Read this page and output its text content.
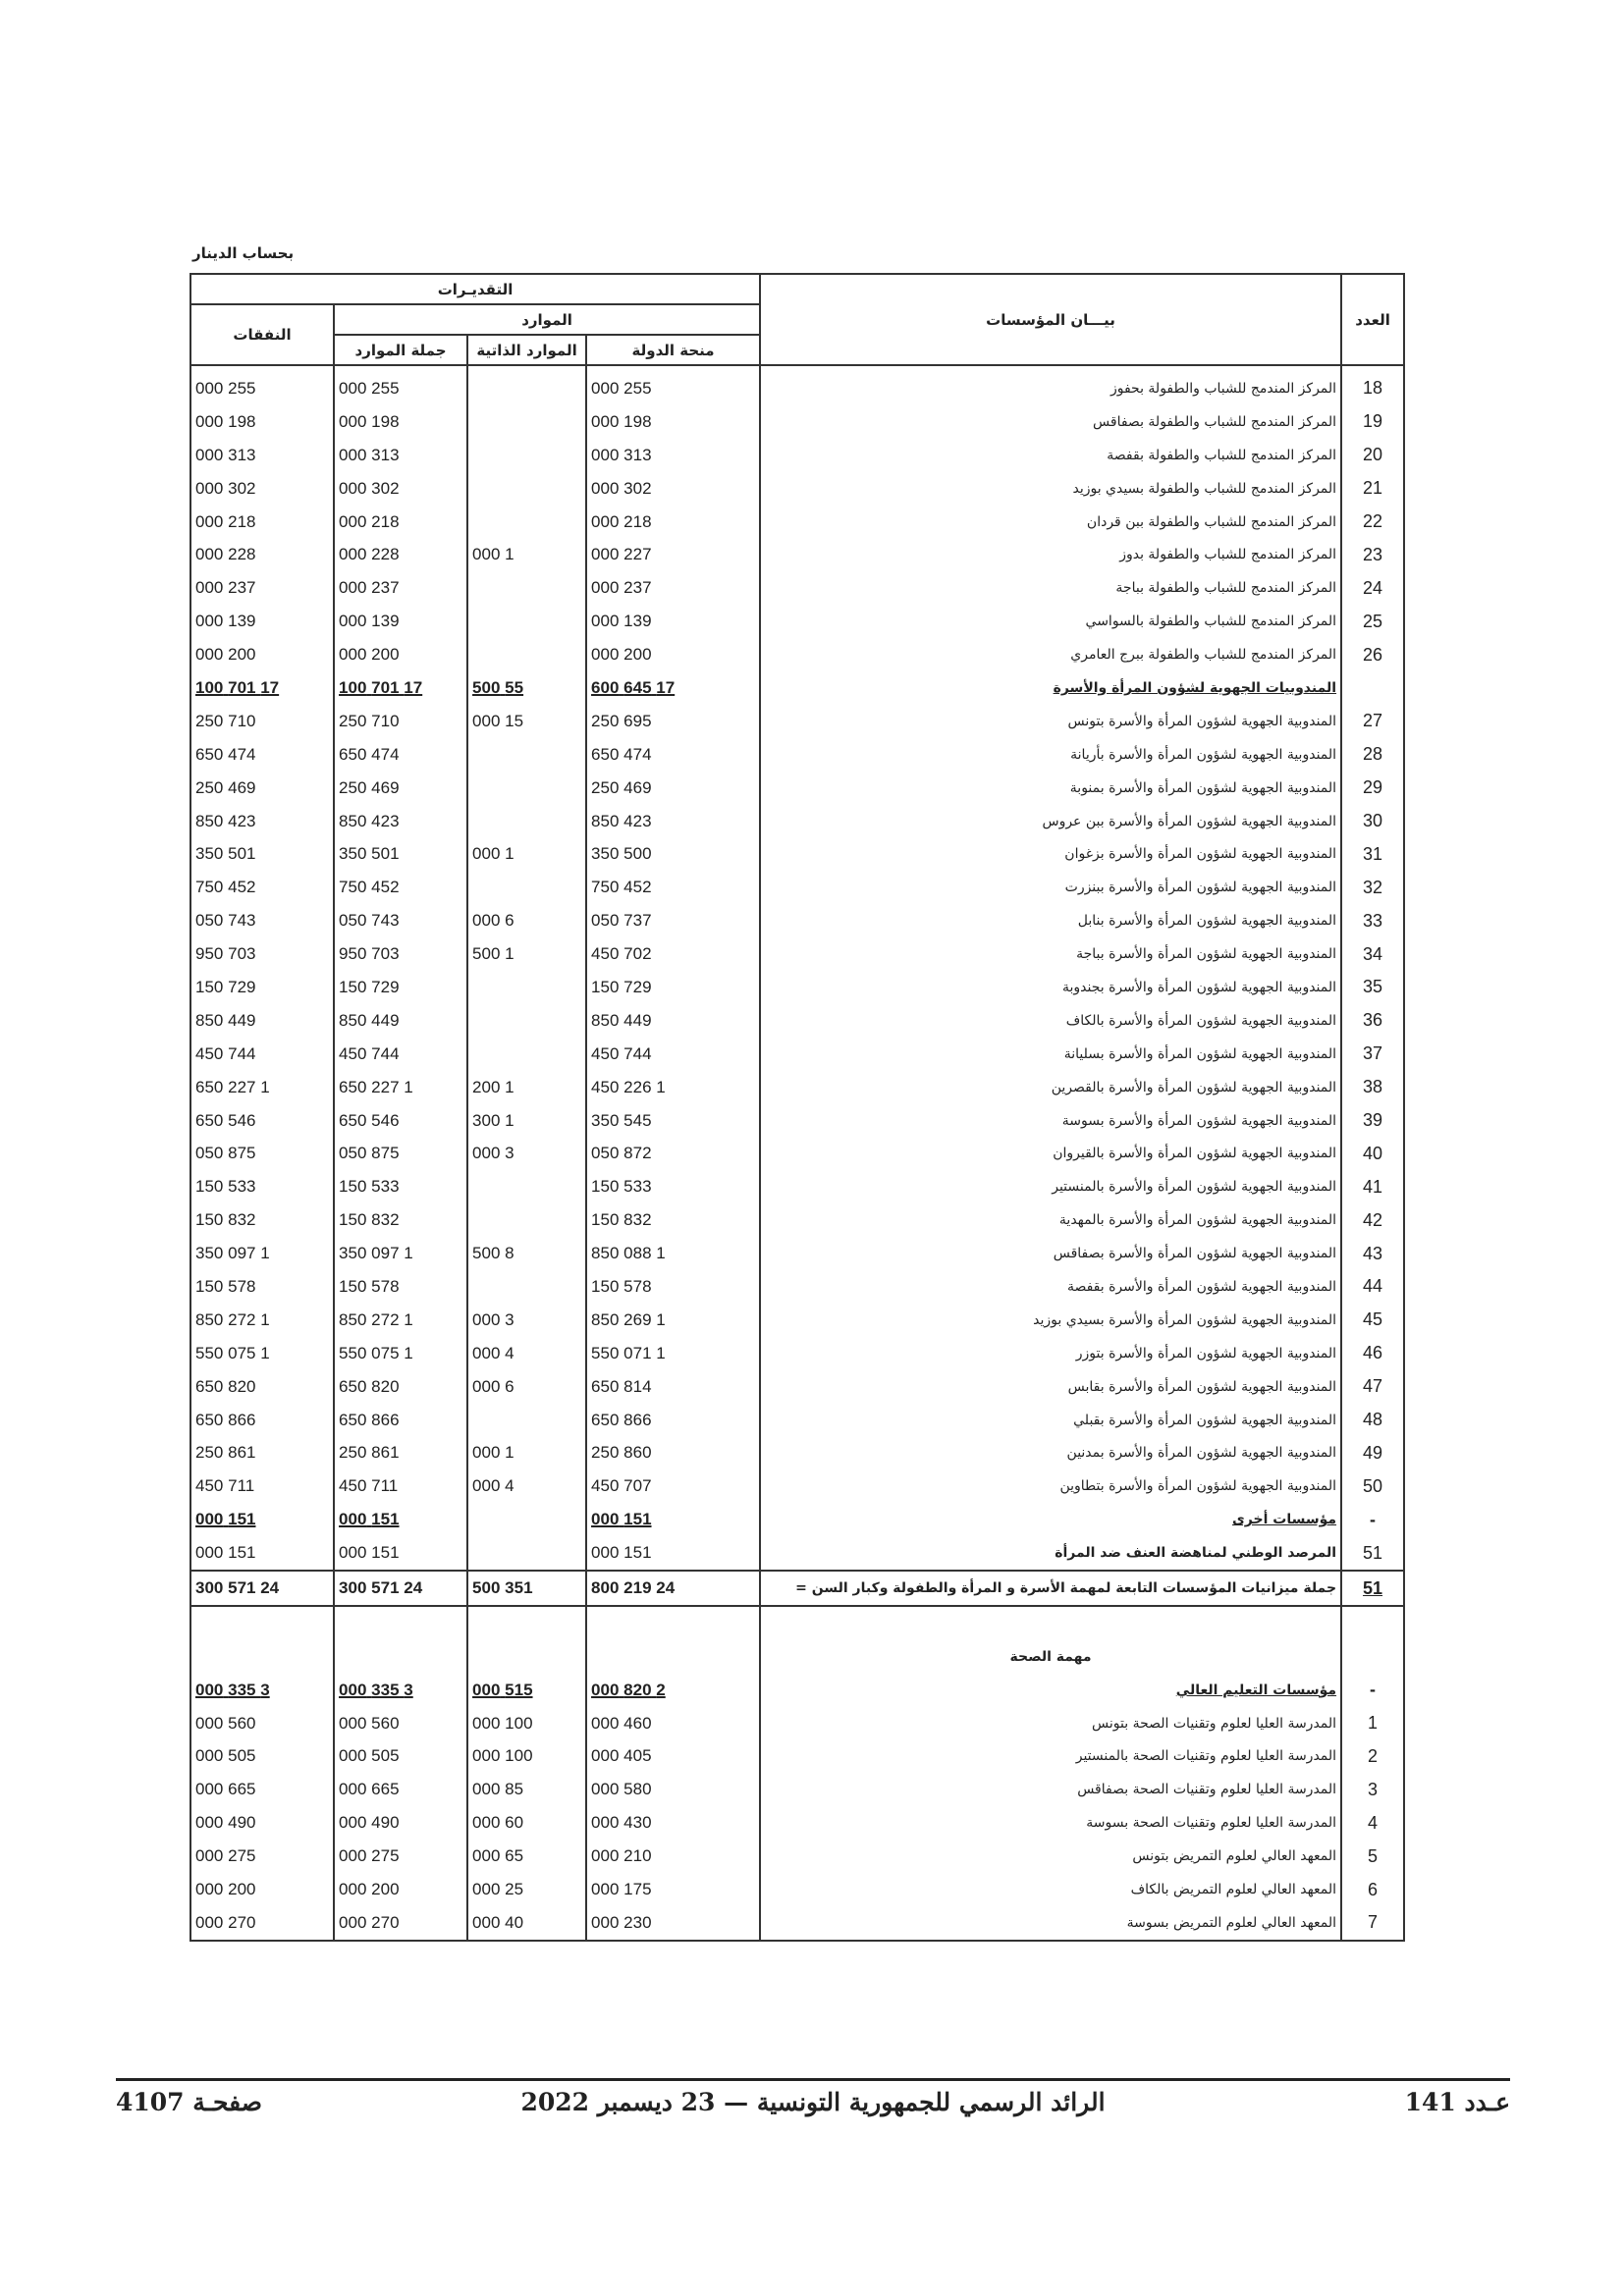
بحساب الدينار
العدد	بيـــان المؤسسات	التقديـرات			
		الموارد			النفقات
		منحة الدولة	الموارد الذاتية	جملة الموارد	
18	المركز المندمج للشباب والطفولة بحفوز	255 000		255 000	255 000
19	المركز المندمج للشباب والطفولة بصفاقس	198 000		198 000	198 000
20	المركز المندمج للشباب والطفولة بقفصة	313 000		313 000	313 000
21	المركز المندمج للشباب والطفولة بسيدي بوزيد	302 000		302 000	302 000
22	المركز المندمج للشباب والطفولة ببن قردان	218 000		218 000	218 000
23	المركز المندمج للشباب والطفولة بدوز	227 000	1 000	228 000	228 000
24	المركز المندمج للشباب والطفولة بباجة	237 000		237 000	237 000
25	المركز المندمج للشباب والطفولة بالسواسي	139 000		139 000	139 000
26	المركز المندمج للشباب والطفولة ببرج العامري	200 000		200 000	200 000
	المندوبيات الجهوية لشؤون المرأة والأسرة	17 645 600	55 500	17 701 100	17 701 100
27	المندوبية الجهوية لشؤون المرأة والأسرة بتونس	695 250	15 000	710 250	710 250
28	المندوبية الجهوية لشؤون المرأة والأسرة بأريانة	474 650		474 650	474 650
29	المندوبية الجهوية لشؤون المرأة والأسرة بمنوبة	469 250		469 250	469 250
30	المندوبية الجهوية لشؤون المرأة والأسرة ببن عروس	423 850		423 850	423 850
31	المندوبية الجهوية لشؤون المرأة والأسرة بزغوان	500 350	1 000	501 350	501 350
32	المندوبية الجهوية لشؤون المرأة والأسرة ببنزرت	452 750		452 750	452 750
33	المندوبية الجهوية لشؤون المرأة والأسرة بنابل	737 050	6 000	743 050	743 050
34	المندوبية الجهوية لشؤون المرأة والأسرة بباجة	702 450	1 500	703 950	703 950
35	المندوبية الجهوية لشؤون المرأة والأسرة بجندوبة	729 150		729 150	729 150
36	المندوبية الجهوية لشؤون المرأة والأسرة بالكاف	449 850		449 850	449 850
37	المندوبية الجهوية لشؤون المرأة والأسرة بسليانة	744 450		744 450	744 450
38	المندوبية الجهوية لشؤون المرأة والأسرة بالقصرين	1 226 450	1 200	1 227 650	1 227 650
39	المندوبية الجهوية لشؤون المرأة والأسرة بسوسة	545 350	1 300	546 650	546 650
40	المندوبية الجهوية لشؤون المرأة والأسرة بالقيروان	872 050	3 000	875 050	875 050
41	المندوبية الجهوية لشؤون المرأة والأسرة بالمنستير	533 150		533 150	533 150
42	المندوبية الجهوية لشؤون المرأة والأسرة بالمهدية	832 150		832 150	832 150
43	المندوبية الجهوية لشؤون المرأة والأسرة بصفاقس	1 088 850	8 500	1 097 350	1 097 350
44	المندوبية الجهوية لشؤون المرأة والأسرة بقفصة	578 150		578 150	578 150
45	المندوبية الجهوية لشؤون المرأة والأسرة بسيدي بوزيد	1 269 850	3 000	1 272 850	1 272 850
46	المندوبية الجهوية لشؤون المرأة والأسرة بتوزر	1 071 550	4 000	1 075 550	1 075 550
47	المندوبية الجهوية لشؤون المرأة والأسرة بقابس	814 650	6 000	820 650	820 650
48	المندوبية الجهوية لشؤون المرأة والأسرة بقبلي	866 650		866 650	866 650
49	المندوبية الجهوية لشؤون المرأة والأسرة بمدنين	860 250	1 000	861 250	861 250
50	المندوبية الجهوية لشؤون المرأة والأسرة بتطاوين	707 450	4 000	711 450	711 450
-	مؤسسات أخرى	151 000		151 000	151 000
51	المرصد الوطني لمناهضة العنف ضد المرأة	151 000		151 000	151 000
51	جملة ميزانيات المؤسسات التابعة لمهمة الأسرة و المرأة والطفولة وكبار السن =	24 219 800	351 500	24 571 300	24 571 300

	مهمة الصحة				
-	مؤسسات التعليم العالي	2 820 000	515 000	3 335 000	3 335 000
1	المدرسة العليا لعلوم وتقنيات الصحة بتونس	460 000	100 000	560 000	560 000
2	المدرسة العليا لعلوم وتقنيات الصحة بالمنستير	405 000	100 000	505 000	505 000
3	المدرسة العليا لعلوم وتقنيات الصحة بصفاقس	580 000	85 000	665 000	665 000
4	المدرسة العليا لعلوم وتقنيات الصحة بسوسة	430 000	60 000	490 000	490 000
5	المعهد العالي لعلوم التمريض بتونس	210 000	65 000	275 000	275 000
6	المعهد العالي لعلوم التمريض بالكاف	175 000	25 000	200 000	200 000
7	المعهد العالي لعلوم التمريض بسوسة	230 000	40 000	270 000	270 000
عـدد 141
الرائد الرسمي للجمهورية التونسية — 23 ديسمبر 2022
صفحـة 4107
